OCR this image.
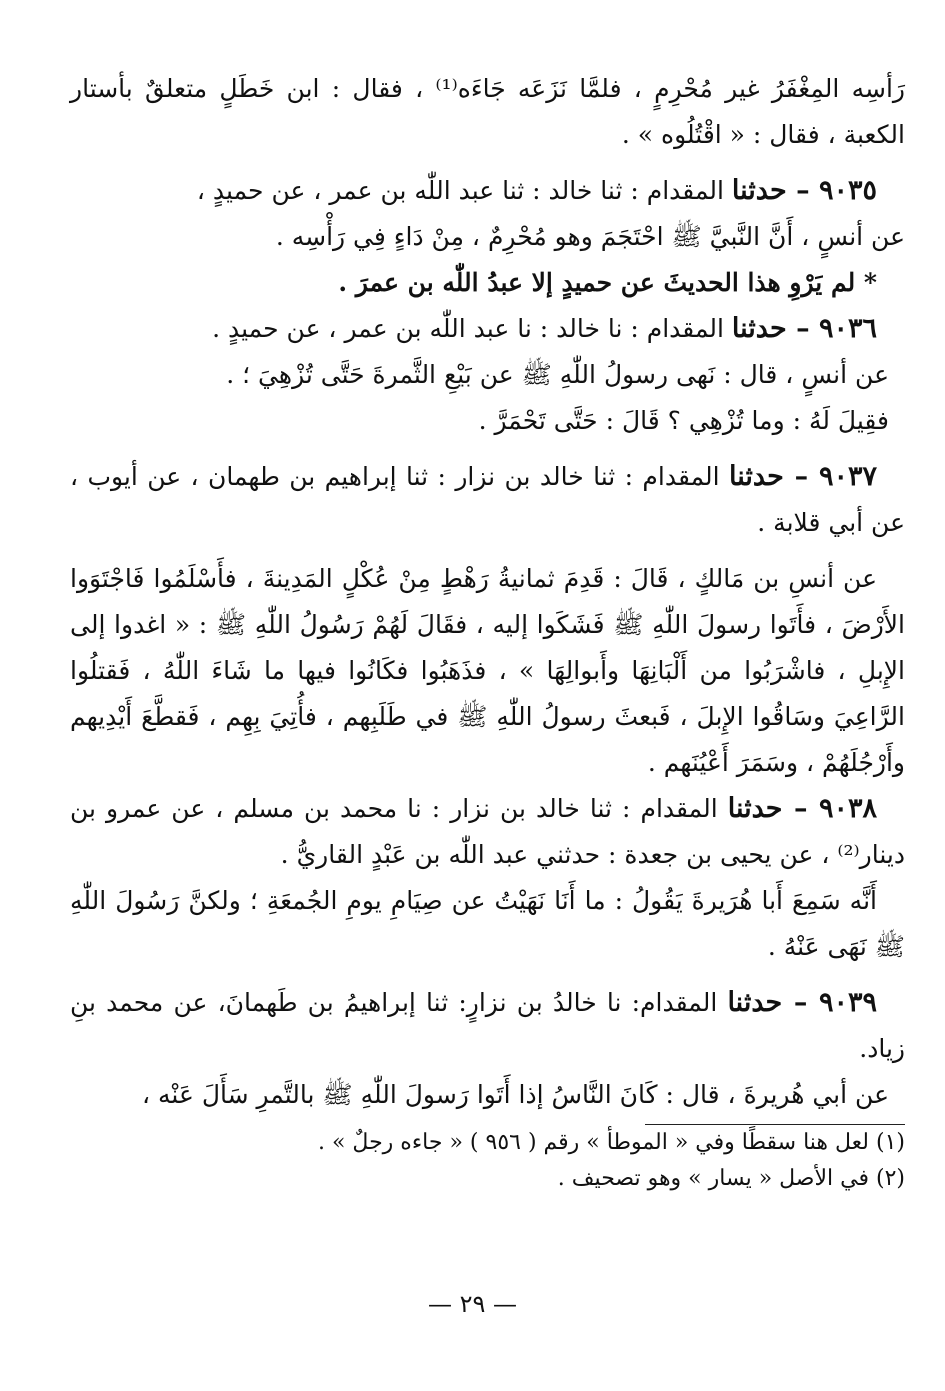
رَأسِه المِغْفَرُ غير مُحْرِمٍ ، فلمَّا نَزَعَه جَاءَه⁽¹⁾ ، فقال : ابن خَطَلٍ متعلقٌ بأستار الكعبة ، فقال : « اقْتُلُوه » .

٩٠٣٥ – حدثنا المقدام : ثنا خالد : ثنا عبد اللّٰه بن عمر ، عن حميدٍ ،

عن أنسٍ ، أَنَّ النَّبيَّ ﷺ احْتَجَمَ وهو مُحْرِمٌ ، مِنْ دَاءٍ فِي رَأْسِه .

* لم يَرْوِ هذا الحديثَ عن حميدٍ إلا عبدُ اللّٰه بن عمرَ .

٩٠٣٦ – حدثنا المقدام : نا خالد : نا عبد اللّٰه بن عمر ، عن حميدٍ .

عن أنسٍ ، قال : نَهى رسولُ اللّٰهِ ﷺ عن بَيْعِ الثَّمرةَ حَتَّى تُزْهِيَ ؛ .

فقِيلَ لَهُ : وما تُزْهِي ؟ قَالَ : حَتَّى تَحْمَرَّ .

٩٠٣٧ – حدثنا المقدام : ثنا خالد بن نزار : ثنا إبراهيم بن طهمان ، عن أيوب ، عن أبي قلابة .

عن أنسِ بن مَالكٍ ، قَالَ : قَدِمَ ثمانيةُ رَهْطٍ مِنْ عُكْلٍ المَدِينةَ ، فأَسْلَمُوا فَاجْتَوَوا الأَرْضَ ، فأَتَوا رسولَ اللّٰهِ ﷺ فَشَكَوا إليه ، فقَالَ لَهُمْ رَسُولُ اللّٰهِ ﷺ : « اغدوا إلى الإِبلِ ، فاشْرَبُوا من أَلْبَانِهَا وأَبوالِهَا » ، فذَهَبُوا فكَانُوا فيها ما شَاءَ اللّٰهُ ، فَقتلُوا الرَّاعِيَ وسَاقُوا الإِبلَ ، فَبعثَ رسولُ اللّٰهِ ﷺ في طَلَبِهم ، فأُتِيَ بِهِم ، فَقطَّعَ أَيْدِيهم وأَرْجُلَهُمْ ، وسَمَرَ أَعْيُنَهم .

٩٠٣٨ – حدثنا المقدام : ثنا خالد بن نزار : نا محمد بن مسلم ، عن عمرو بن دينار⁽²⁾ ، عن يحيى بن جعدة : حدثني عبد اللّٰه بن عَبْدٍ القاريُّ .

أَنَّه سَمِعَ أَبا هُرَيرةَ يَقُولُ : ما أَنَا نَهَيْتُ عن صِيَامِ يومِ الجُمعَةِ ؛ ولكنَّ رَسُولَ اللّٰهِ ﷺ نَهَى عَنْهُ .

٩٠٣٩ – حدثنا المقدام: نا خالدُ بن نزارٍ: ثنا إبراهيمُ بن طَهمانَ، عن محمد بنِ زياد.

عن أبي هُريرةَ ، قال : كَانَ النَّاسُ إذا أَتَوا رَسولَ اللّٰهِ ﷺ بالتَّمرِ سَأَلَ عَنْه ،

(١) لعل هنا سقطًا وفي « الموطأ » رقم ( ٩٥٦ ) « جاءه رجلٌ » .

(٢) في الأصل « يسار » وهو تصحيف .

— ٢٩ —
